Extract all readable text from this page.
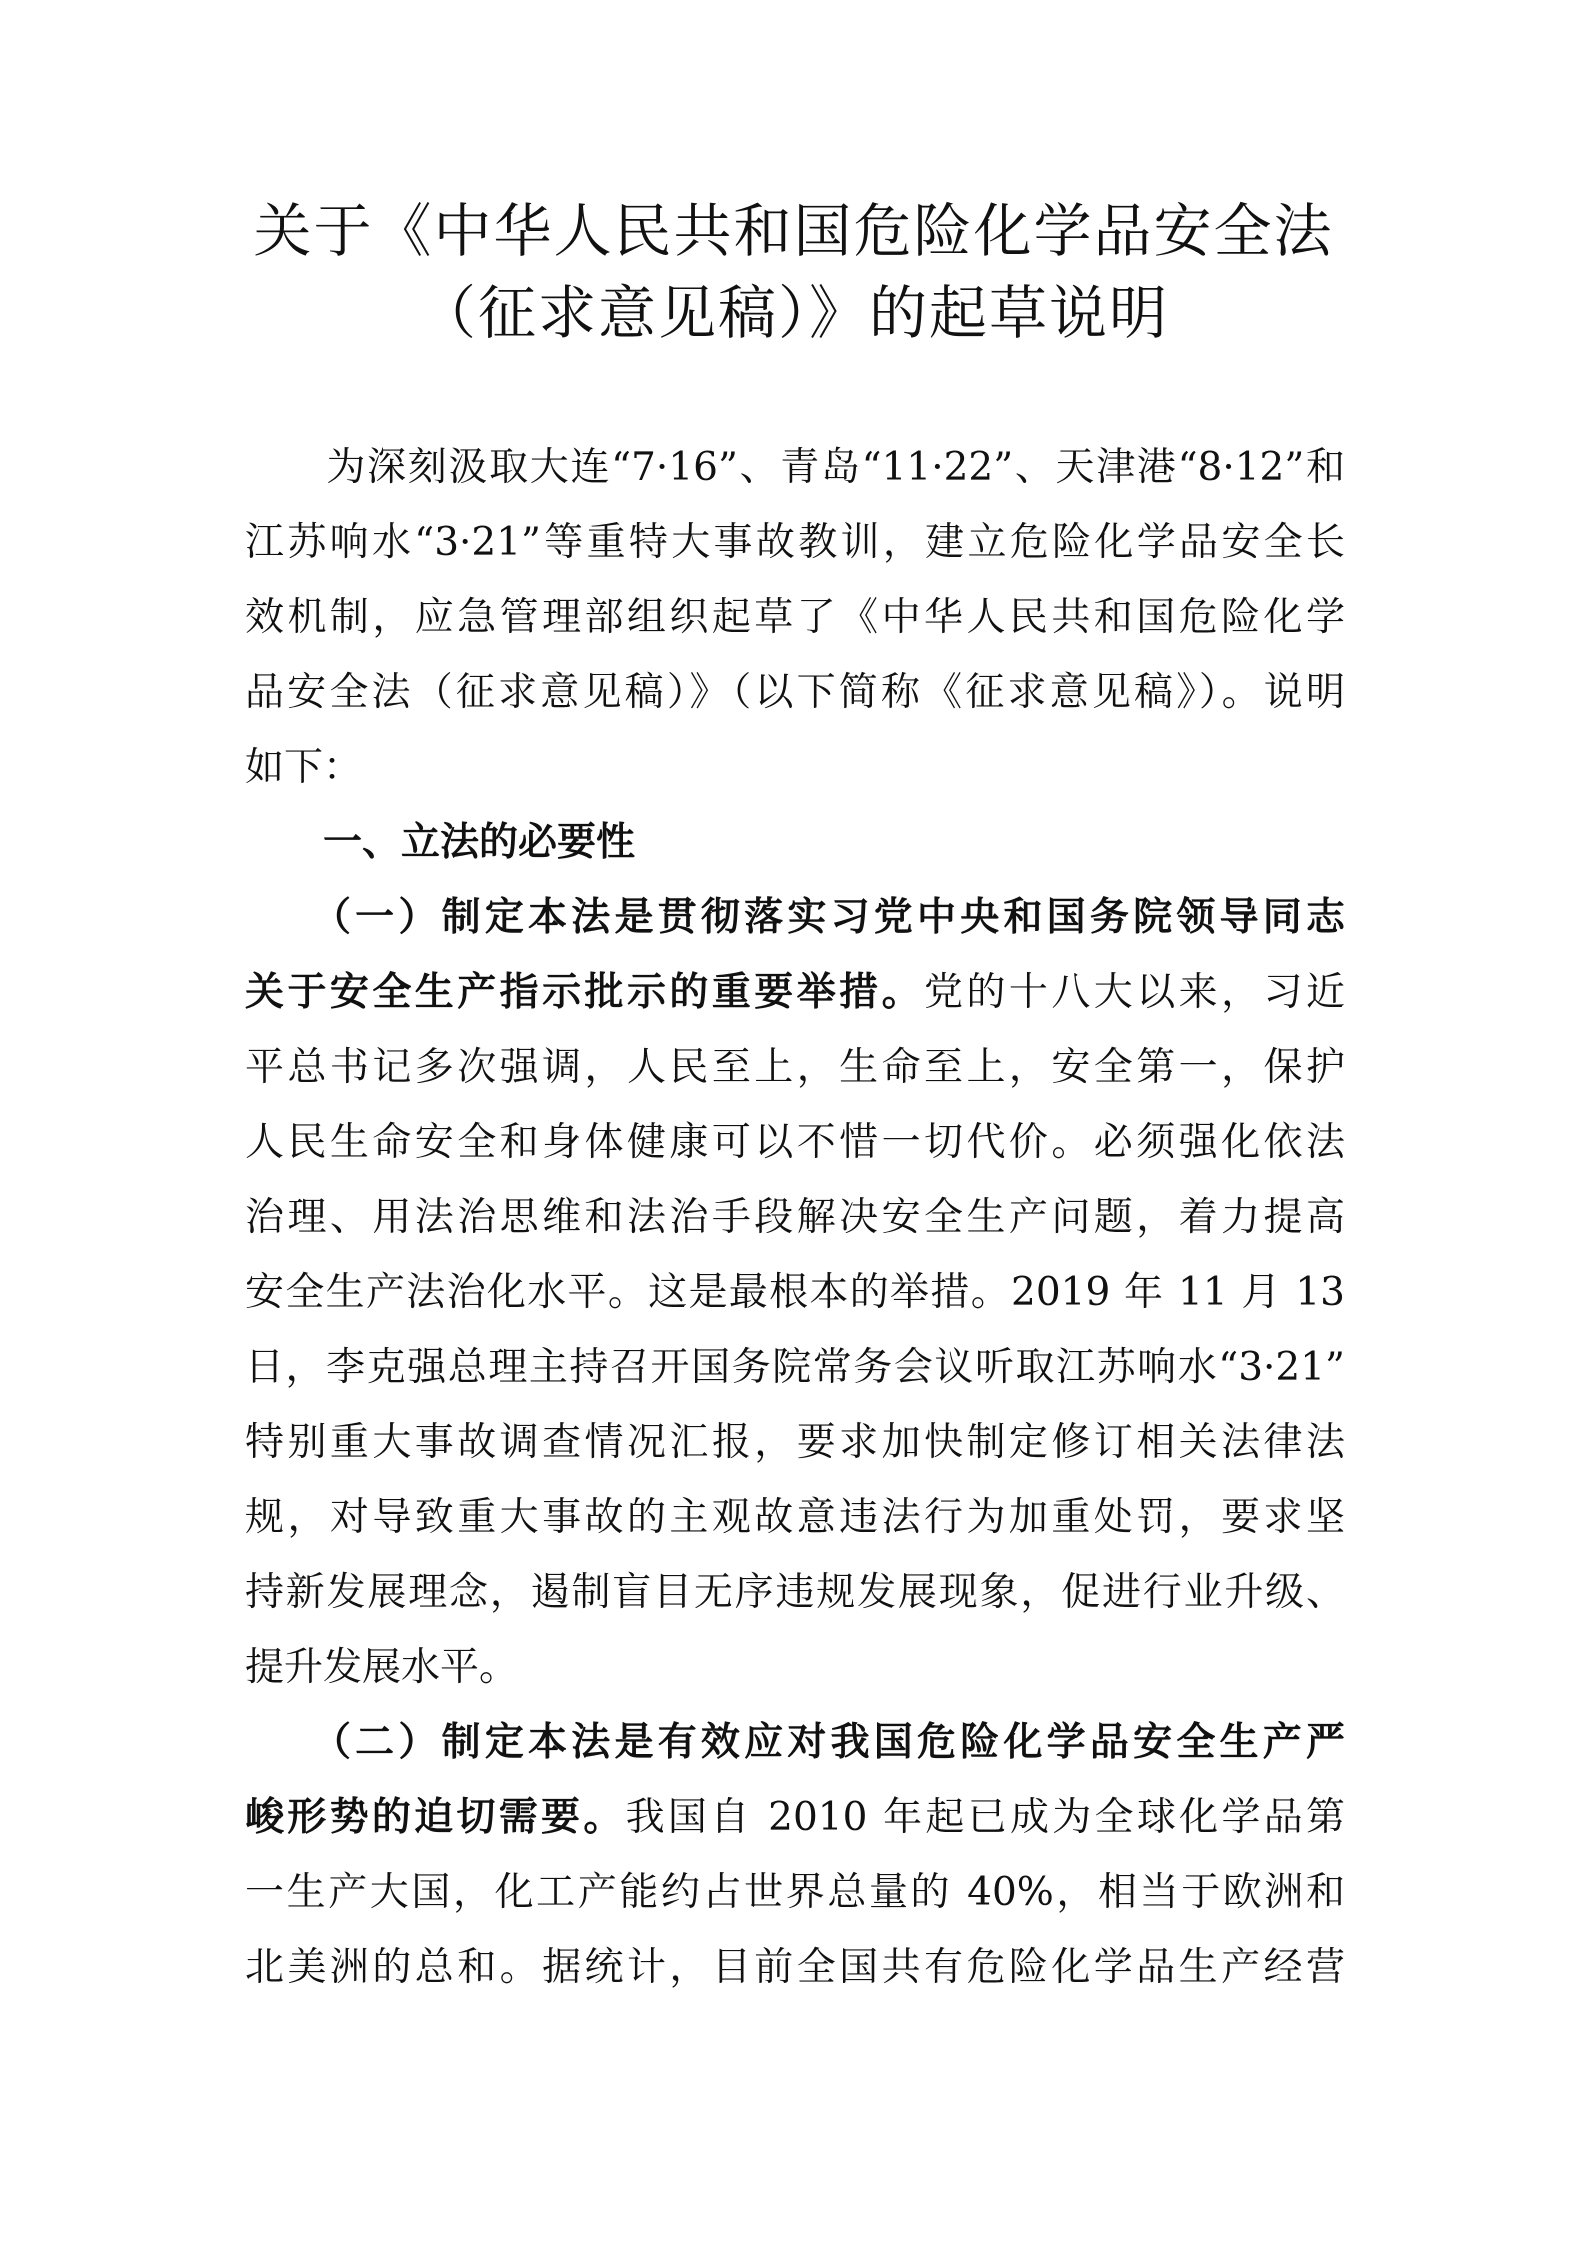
关于《中华人民共和国危险化学品安全法
（征求意见稿）》的起草说明
　　为深刻汲取大连“7·16”、青岛“11·22”、天津港“8·12”和
江苏响水“3·21”等重特大事故教训，建立危险化学品安全长
效机制，应急管理部组织起草了《中华人民共和国危险化学
品安全法（征求意见稿）》（以下简称《征求意见稿》）。说明
如下：
　　一、立法的必要性
　　（一）制定本法是贯彻落实习党中央和国务院领导同志
关于安全生产指示批示的重要举措。党的十八大以来，习近
平总书记多次强调，人民至上，生命至上，安全第一，保护
人民生命安全和身体健康可以不惜一切代价。必须强化依法
治理、用法治思维和法治手段解决安全生产问题，着力提高
安全生产法治化水平。这是最根本的举措。2019 年 11 月 13
日，李克强总理主持召开国务院常务会议听取江苏响水“3·21”
特别重大事故调查情况汇报，要求加快制定修订相关法律法
规，对导致重大事故的主观故意违法行为加重处罚，要求坚
持新发展理念，遏制盲目无序违规发展现象，促进行业升级、
提升发展水平。
　　（二）制定本法是有效应对我国危险化学品安全生产严
峻形势的迫切需要。我国自 2010 年起已成为全球化学品第
一生产大国，化工产能约占世界总量的 40%，相当于欧洲和
北美洲的总和。据统计，目前全国共有危险化学品生产经营
